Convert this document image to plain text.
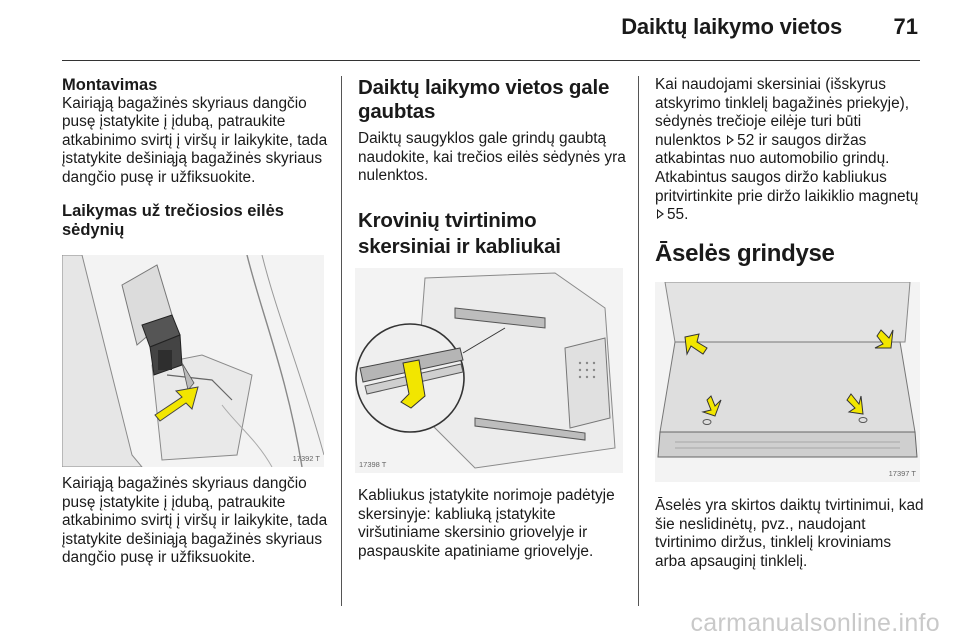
Daiktų laikymo vietos 71
Montavimas
Kairiąją bagažinės skyriaus dangčio pusę įstatykite į įdubą, patraukite atkabinimo svirtį į viršų ir laikykite, tada įstatykite dešiniąją bagažinės skyriaus dangčio pusę ir užfiksuokite.
Laikymas už trečiosios eilės sėdynių
17392 T
Kairiąją bagažinės skyriaus dangčio pusę įstatykite į įdubą, patraukite atkabinimo svirtį į viršų ir laikykite, tada įstatykite dešiniąją bagažinės skyriaus dangčio pusę ir užfiksuokite.
Daiktų laikymo vietos gale gaubtas
Daiktų saugyklos gale grindų gaubtą naudokite, kai trečios eilės sėdynės yra nulenktos.
Krovinių tvirtinimo skersiniai ir kabliukai
17398 T
Kabliukus įstatykite norimoje padėtyje skersinyje: kabliuką įstatykite viršutiniame skersinio griovelyje ir paspauskite apatiniame griovelyje.
Kai naudojami skersiniai (išskyrus atskyrimo tinklelį bagažinės priekyje), sėdynės trečioje eilėje turi būti nulenktos 52 ir saugos diržas atkabintas nuo automobilio grindų. Atkabintus saugos diržo kabliukus pritvirtinkite prie diržo laikiklio magnetų 55.
Āselės grindyse
17397 T
Āselės yra skirtos daiktų tvirtinimui, kad šie neslidinėtų, pvz., naudojant tvirtinimo diržus, tinklelį kroviniams arba apsauginį tinklelį.
carmanualsonline.info
